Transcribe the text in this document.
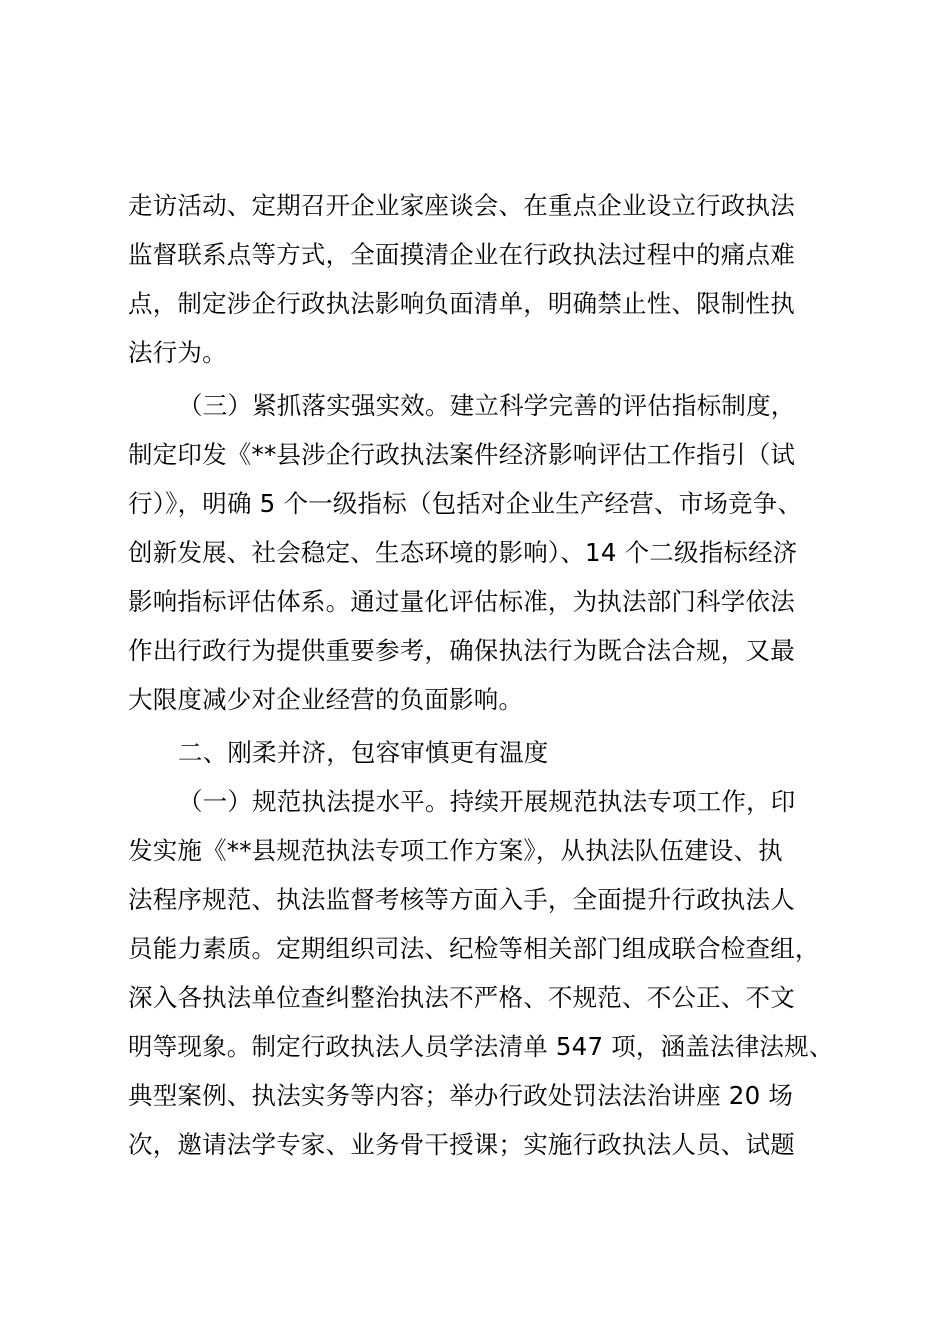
走访活动、定期召开企业家座谈会、在重点企业设立行政执法
监督联系点等方式，全面摸清企业在行政执法过程中的痛点难
点，制定涉企行政执法影响负面清单，明确禁止性、限制性执
法行为。
（三）紧抓落实强实效。建立科学完善的评估指标制度，
制定印发《**县涉企行政执法案件经济影响评估工作指引（试
行）》，明确 5 个一级指标（包括对企业生产经营、市场竞争、
创新发展、社会稳定、生态环境的影响）、14 个二级指标经济
影响指标评估体系。通过量化评估标准，为执法部门科学依法
作出行政行为提供重要参考，确保执法行为既合法合规，又最
大限度减少对企业经营的负面影响。
二、刚柔并济，包容审慎更有温度
（一）规范执法提水平。持续开展规范执法专项工作，印
发实施《**县规范执法专项工作方案》，从执法队伍建设、执
法程序规范、执法监督考核等方面入手，全面提升行政执法人
员能力素质。定期组织司法、纪检等相关部门组成联合检查组，
深入各执法单位查纠整治执法不严格、不规范、不公正、不文
明等现象。制定行政执法人员学法清单 547 项，涵盖法律法规、
典型案例、执法实务等内容；举办行政处罚法法治讲座 20 场
次，邀请法学专家、业务骨干授课；实施行政执法人员、试题
